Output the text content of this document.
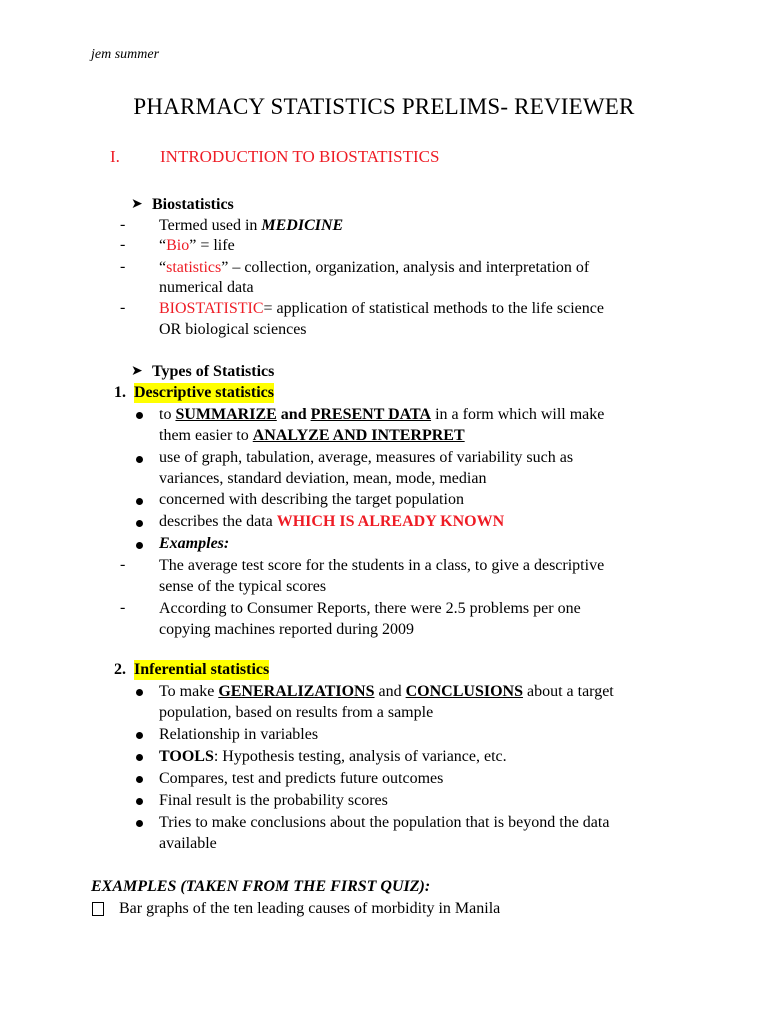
jem summer
PHARMACY STATISTICS PRELIMS- REVIEWER
I. INTRODUCTION TO BIOSTATISTICS
➤ Biostatistics
- Termed used in MEDICINE
- “Bio” = life
- “statistics” – collection, organization, analysis and interpretation of
numerical data
- BIOSTATISTIC= application of statistical methods to the life science
OR biological sciences
➤ Types of Statistics
1. Descriptive statistics
to SUMMARIZE and PRESENT DATA in a form which will make
them easier to ANALYZE AND INTERPRET
use of graph, tabulation, average, measures of variability such as
variances, standard deviation, mean, mode, median
concerned with describing the target population
describes the data WHICH IS ALREADY KNOWN
Examples:
- The average test score for the students in a class, to give a descriptive
sense of the typical scores
- According to Consumer Reports, there were 2.5 problems per one
copying machines reported during 2009
2. Inferential statistics
To make GENERALIZATIONS and CONCLUSIONS about a target
population, based on results from a sample
Relationship in variables
TOOLS: Hypothesis testing, analysis of variance, etc.
Compares, test and predicts future outcomes
Final result is the probability scores
Tries to make conclusions about the population that is beyond the data
available
EXAMPLES (TAKEN FROM THE FIRST QUIZ):
Bar graphs of the ten leading causes of morbidity in Manila
